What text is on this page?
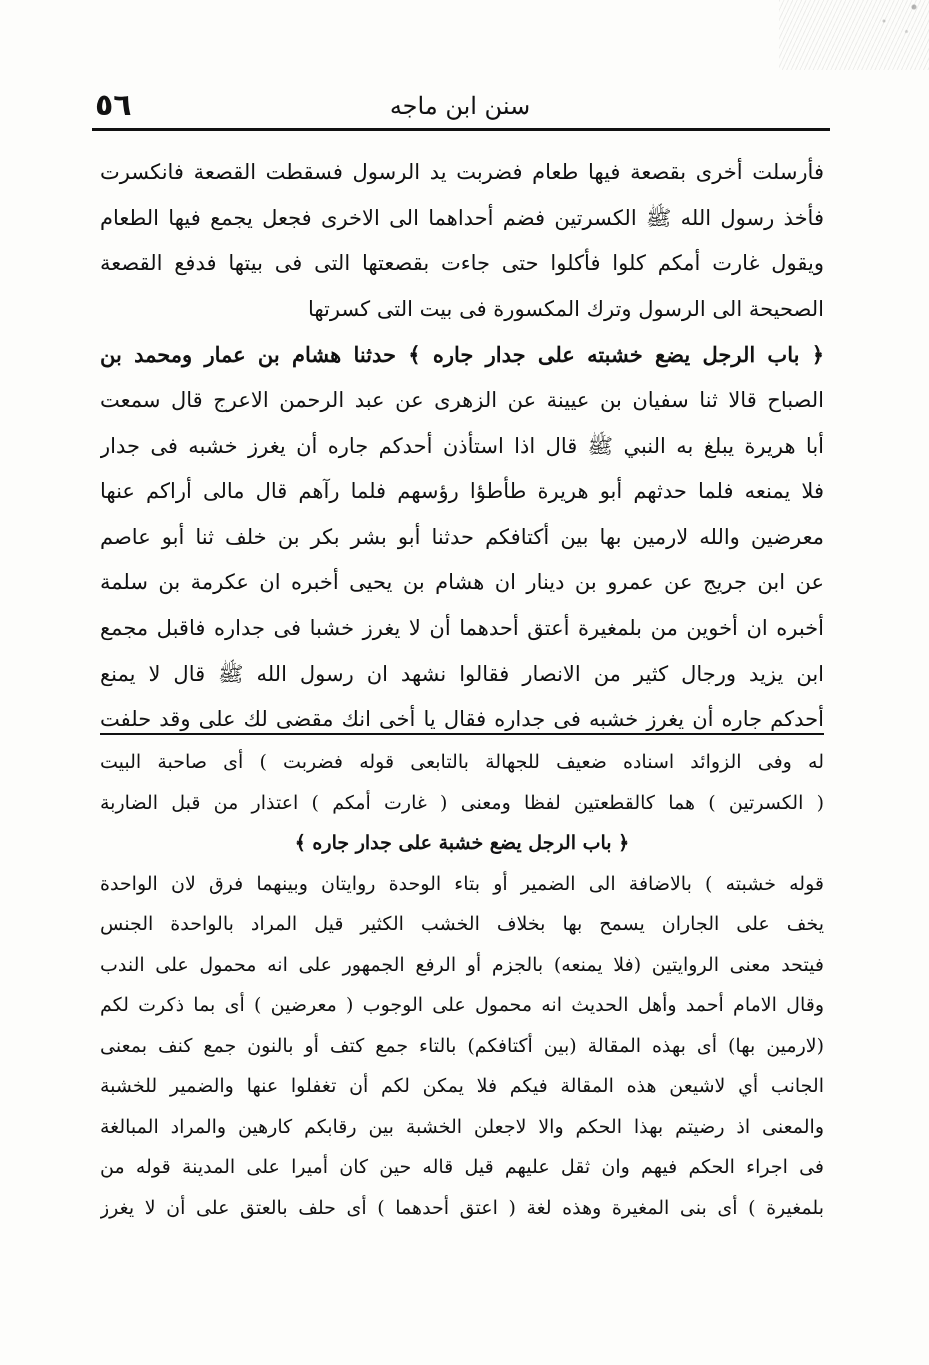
٥٦	سنن ابن ماجه
فأرسلت أخرى بقصعة فيها طعام فضربت يد الرسول فسقطت القصعة فانكسرت
فأخذ رسول الله ﷺ الكسرتين فضم أحداهما الى الاخرى فجعل يجمع فيها الطعام
ويقول غارت أمكم كلوا فأكلوا حتى جاءت بقصعتها التى فى بيتها فدفع القصعة
الصحيحة الى الرسول وترك المكسورة فى بيت التى كسرتها
﴿ باب الرجل يضع خشبته على جدار جاره ﴾ حدثنا هشام بن عمار ومحمد بن
الصباح قالا ثنا سفيان بن عيينة عن الزهرى عن عبد الرحمن الاعرج قال سمعت
أبا هريرة يبلغ به النبي ﷺ قال اذا استأذن أحدكم جاره أن يغرز خشبه فى جدار
فلا يمنعه فلما حدثهم أبو هريرة طأطؤا رؤسهم فلما رآهم قال مالى أراكم عنها
معرضين والله لارمين بها بين أكتافكم حدثنا أبو بشر بكر بن خلف ثنا أبو عاصم
عن ابن جريج عن عمرو بن دينار ان هشام بن يحيى أخبره ان عكرمة بن سلمة
أخبره ان أخوين من بلمغيرة أعتق أحدهما أن لا يغرز خشبا فى جداره فاقبل مجمع
ابن يزيد ورجال كثير من الانصار فقالوا نشهد ان رسول الله ﷺ قال لا يمنع
أحدكم جاره أن يغرز خشبه فى جداره فقال يا أخى انك مقضى لك على وقد حلفت
له وفى الزوائد اسناده ضعيف للجهالة بالتابعى قوله فضربت ) أى صاحبة البيت
( الكسرتين ) هما كالقطعتين لفظا ومعنى ( غارت أمكم ) اعتذار من قبل الضاربة
﴿ باب الرجل يضع خشبة على جدار جاره ﴾
قوله خشبته ) بالاضافة الى الضمير أو بتاء الوحدة روايتان وبينهما فرق لان الواحدة
يخف على الجاران يسمح بها بخلاف الخشب الكثير قيل المراد بالواحدة الجنس
فيتحد معنى الروايتين (فلا يمنعه) بالجزم أو الرفع الجمهور على انه محمول على الندب
وقال الامام أحمد وأهل الحديث انه محمول على الوجوب ( معرضين ) أى بما ذكرت لكم
(لارمين بها) أى بهذه المقالة (بين أكتافكم) بالتاء جمع كتف أو بالنون جمع كنف بمعنى
الجانب أي لاشيعن هذه المقالة فيكم فلا يمكن لكم أن تغفلوا عنها والضمير للخشبة
والمعنى اذ رضيتم بهذا الحكم والا لاجعلن الخشبة بين رقابكم كارهين والمراد المبالغة
فى اجراء الحكم فيهم وان ثقل عليهم قيل قاله حين كان أميرا على المدينة قوله من
بلمغيرة ) أى بنى المغيرة وهذه لغة ( اعتق أحدهما ) أى حلف بالعتق على أن لا يغرز
